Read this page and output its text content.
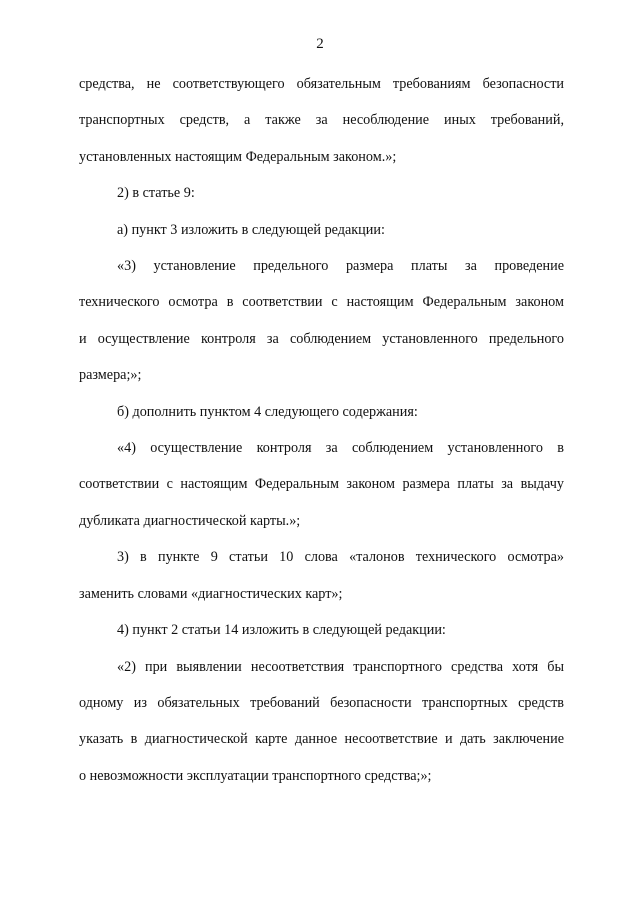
2
средства, не соответствующего обязательным требованиям безопасности
транспортных средств, а также за несоблюдение иных требований,
установленных настоящим Федеральным законом.»;
2) в статье 9:
а) пункт 3 изложить в следующей редакции:
«3) установление предельного размера платы за проведение
технического осмотра в соответствии с настоящим Федеральным законом
и осуществление контроля за соблюдением установленного предельного
размера;»;
б) дополнить пунктом 4 следующего содержания:
«4) осуществление контроля за соблюдением установленного в
соответствии с настоящим Федеральным законом размера платы за выдачу
дубликата диагностической карты.»;
3) в пункте 9 статьи 10 слова «талонов технического осмотра»
заменить словами «диагностических карт»;
4) пункт 2 статьи 14 изложить в следующей редакции:
«2) при выявлении несоответствия транспортного средства хотя бы
одному из обязательных требований безопасности транспортных средств
указать в диагностической карте данное несоответствие и дать заключение
о невозможности эксплуатации транспортного средства;»;
